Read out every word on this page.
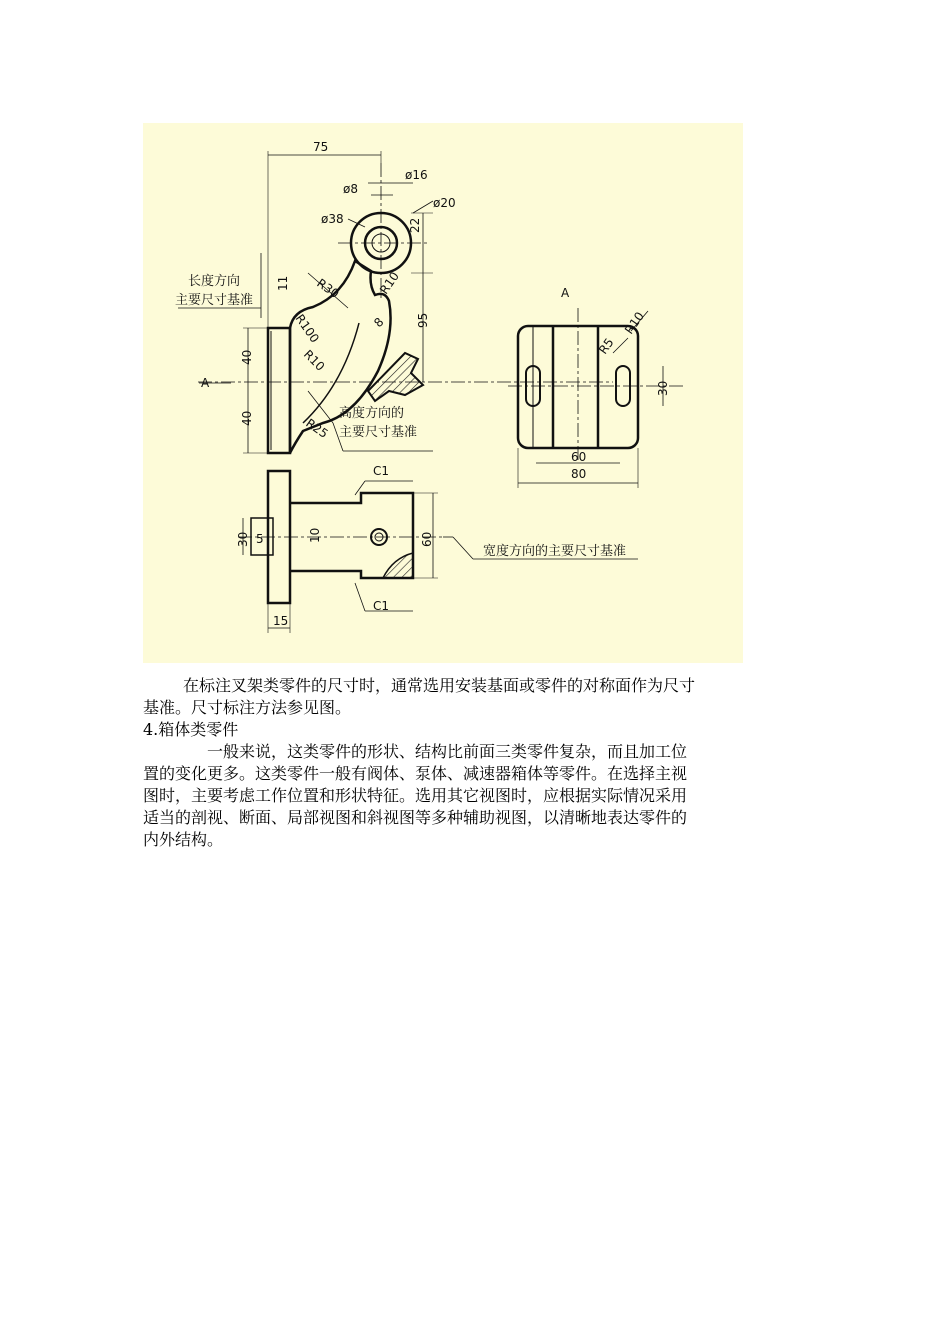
75
ø16
ø8
ø20
ø38	22
11 R30	R10
R100
R10
R25
95
40
40
8	R10
R5
30
60
80
C1
C1
30 5	10	60
15
A
A
长度方向
主要尺寸基准
高度方向的
主要尺寸基准
宽度方向的主要尺寸基准
在标注叉架类零件的尺寸时，通常选用安装基面或零件的对称面作为尺寸
基准。尺寸标注方法参见图。
4.箱体类零件
一般来说，这类零件的形状、结构比前面三类零件复杂，而且加工位
置的变化更多。这类零件一般有阀体、泵体、减速器箱体等零件。在选择主视
图时，主要考虑工作位置和形状特征。选用其它视图时，应根据实际情况采用
适当的剖视、断面、局部视图和斜视图等多种辅助视图，以清晰地表达零件的
内外结构。
